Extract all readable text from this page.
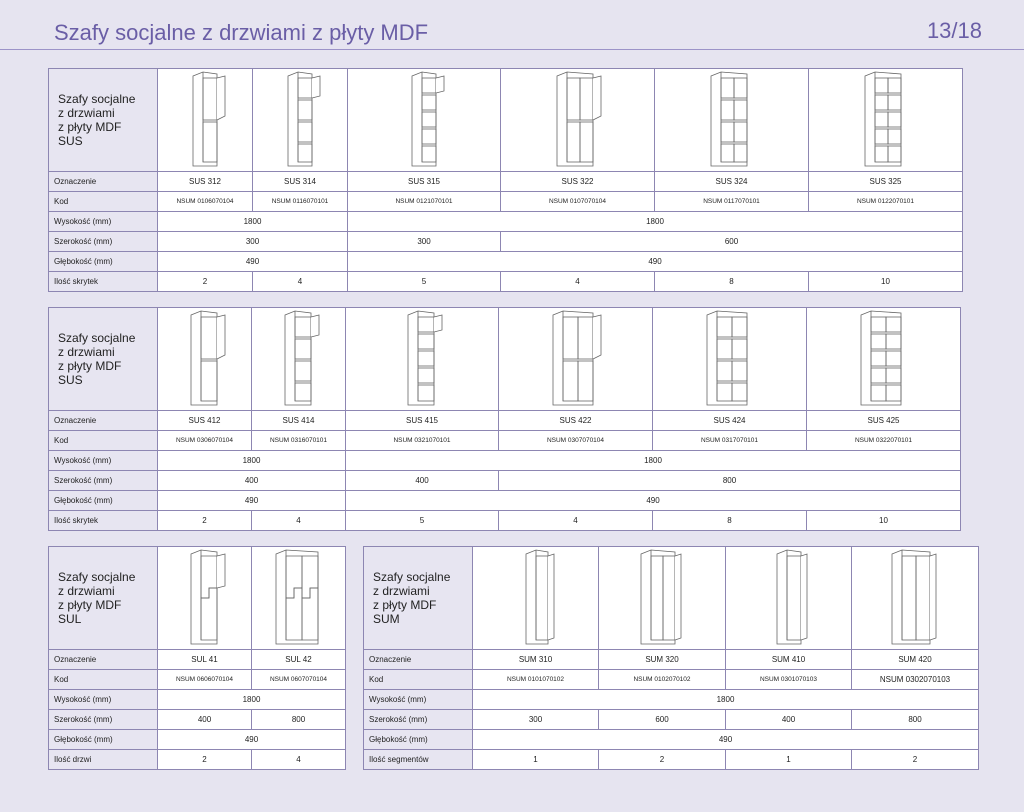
Szafy socjalne z drzwiami z płyty MDF	13/18
Szafy socjalne
z drzwiami
z płyty MDF
SUS	

Oznaczenie	SUS 312	SUS 314	SUS 315	SUS 322	SUS 324	SUS 325
Kod	NSUM 0106070104	NSUM 0116070101	NSUM 0121070101	NSUM 0107070104	NSUM 0117070101	NSUM 0122070101
Wysokość (mm)	1800		1800			
Szerokość (mm)	300		300	600		
Głębokość (mm)	490		490			
Ilość skrytek	2	4	5	4	8	10
Szafy socjalne
z drzwiami
z płyty MDF
SUS	

Oznaczenie	SUS 412	SUS 414	SUS 415	SUS 422	SUS 424	SUS 425
Kod	NSUM 0306070104	NSUM 0316070101	NSUM 0321070101	NSUM 0307070104	NSUM 0317070101	NSUM 0322070101
Wysokość (mm)	1800		1800			
Szerokość (mm)	400		400	800		
Głębokość (mm)	490		490			
Ilość skrytek	2	4	5	4	8	10
Szafy socjalne
z drzwiami
z płyty MDF
SUL	

Oznaczenie	SUL 41	SUL 42
Kod	NSUM 0606070104	NSUM 0607070104
Wysokość (mm)	1800	
Szerokość (mm)	400	800
Głębokość (mm)	490	
Ilość drzwi	2	4
Szafy socjalne
z drzwiami
z płyty MDF
SUM	

Oznaczenie	SUM 310	SUM 320	SUM 410	SUM 420
Kod	NSUM 0101070102	NSUM 0102070102	NSUM 0301070103	NSUM 0302070103
Wysokość (mm)	1800			
Szerokość (mm)	300	600	400	800
Głębokość (mm)	490			
Ilość segmentów	1	2	1	2
